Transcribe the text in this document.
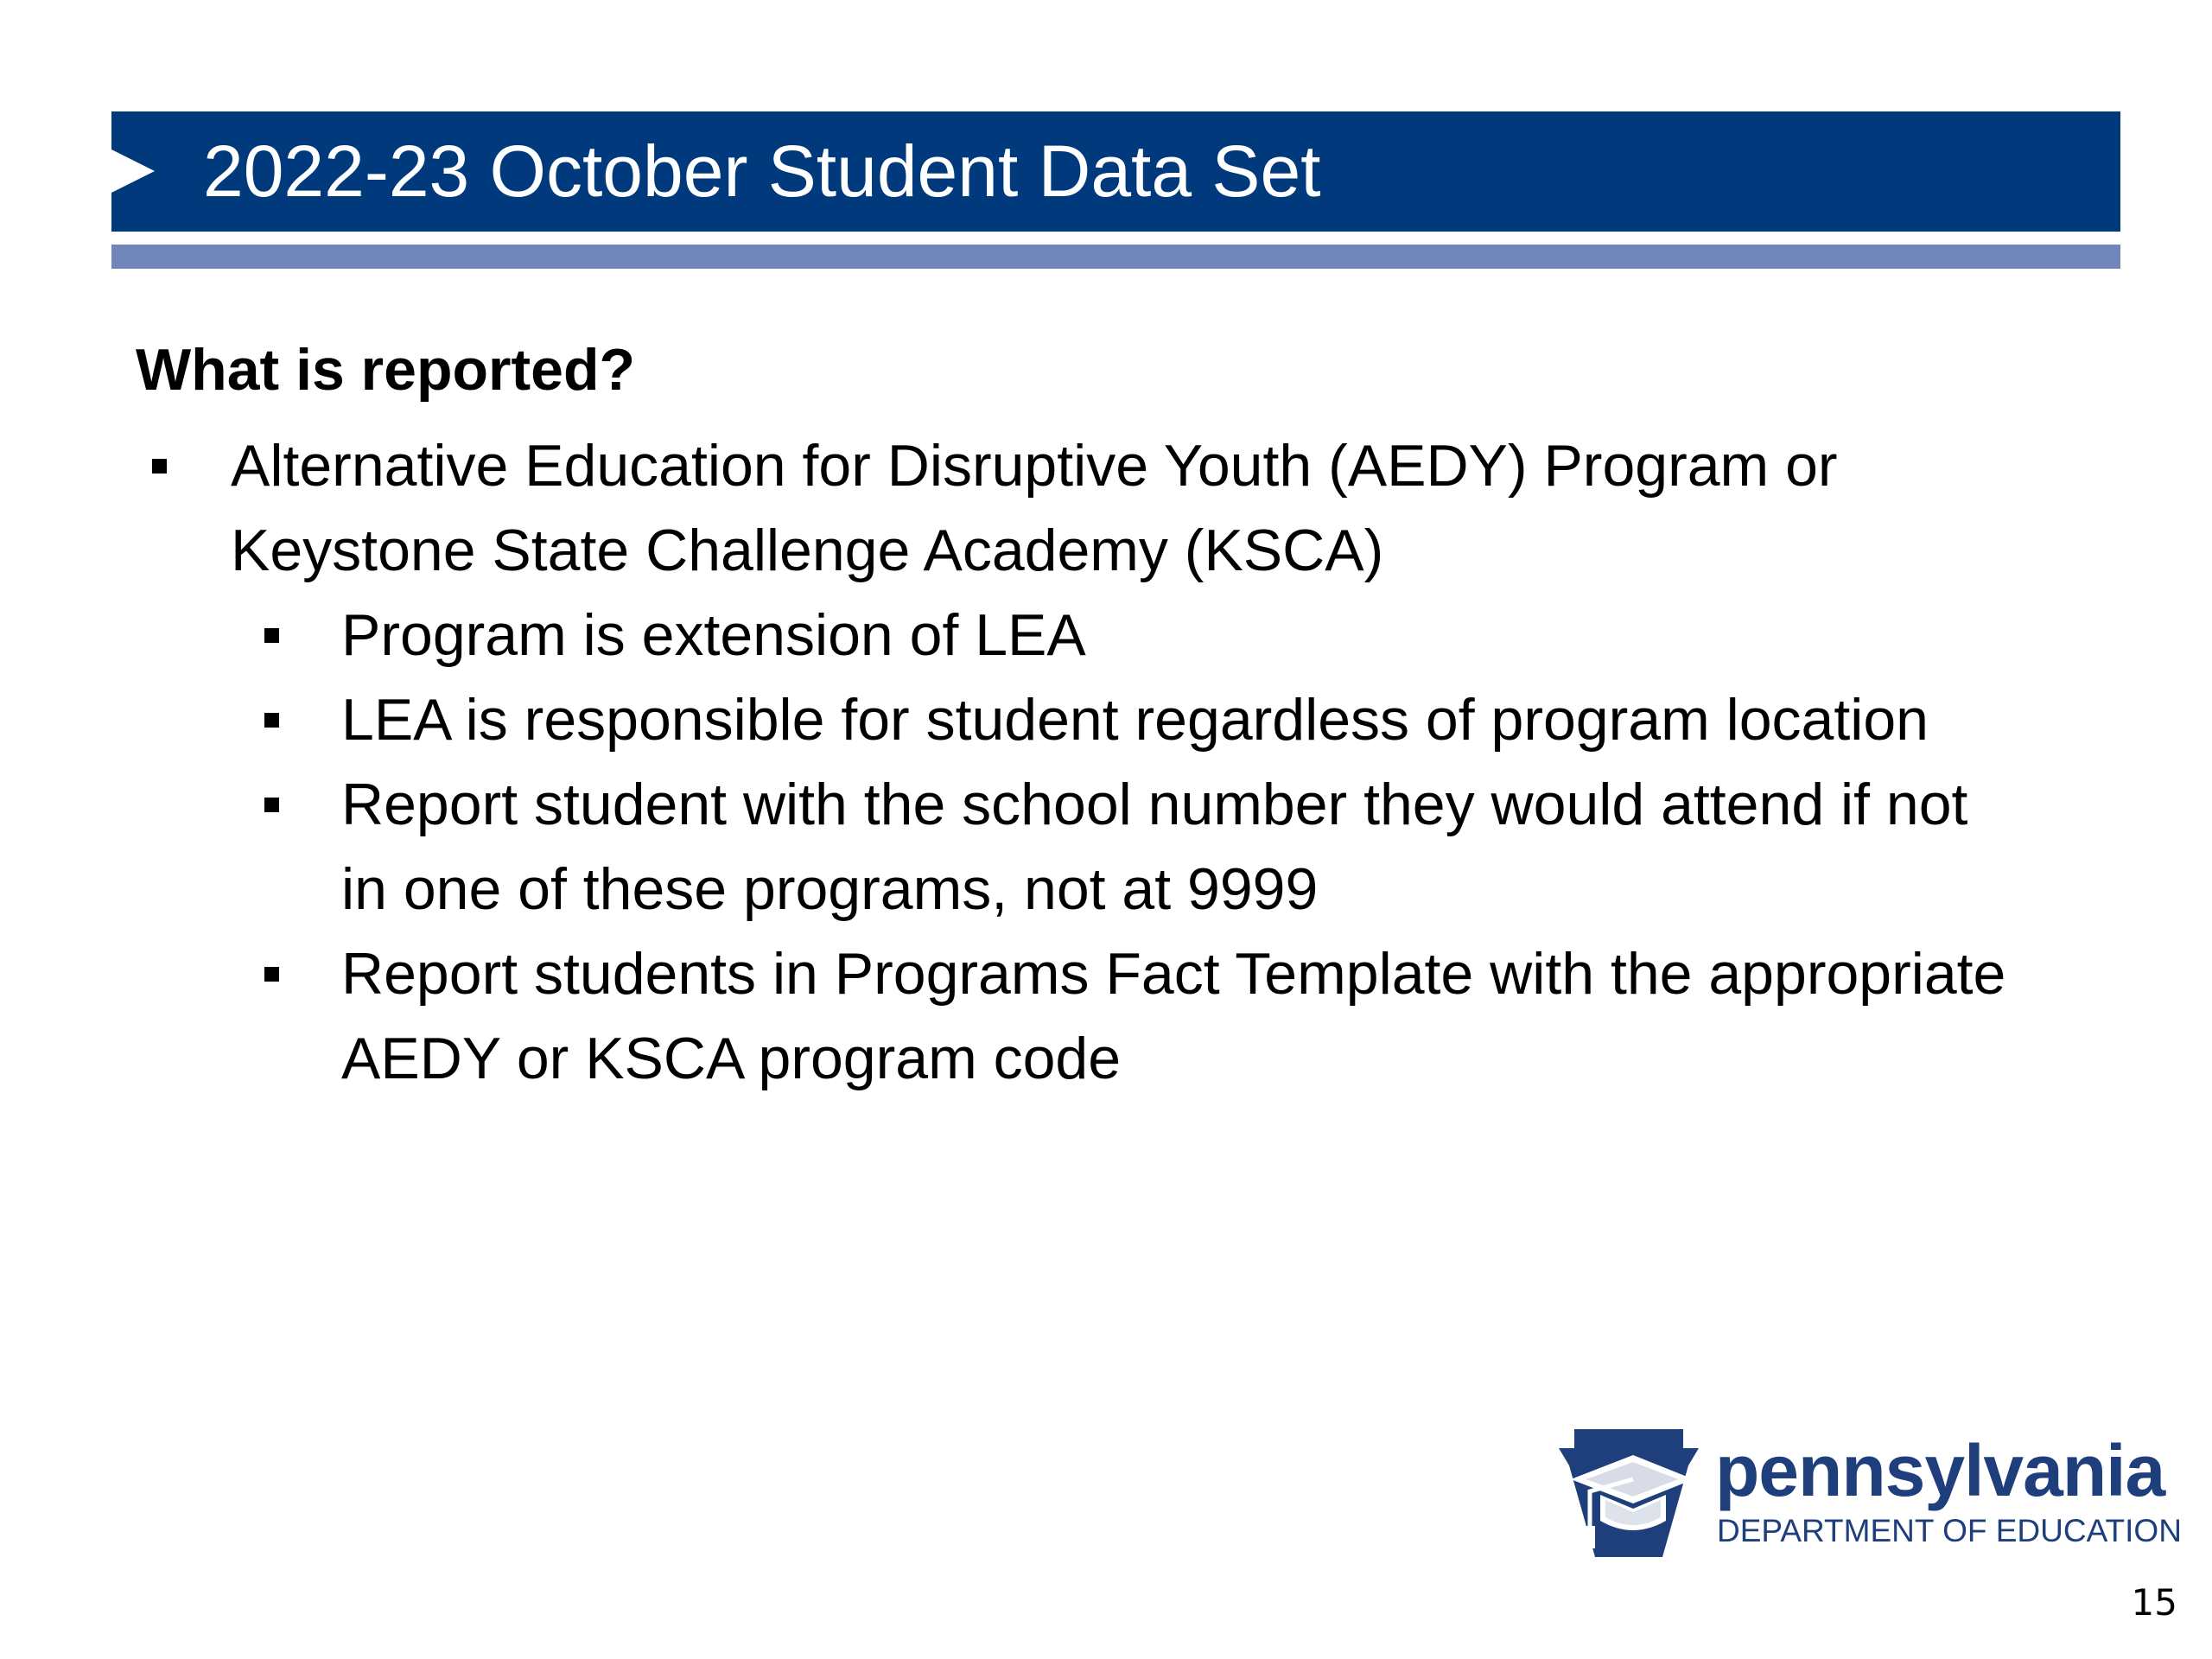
2022-23 October Student Data Set
What is reported?
Alternative Education for Disruptive Youth (AEDY) Program or
Keystone State Challenge Academy (KSCA)
Program is extension of LEA
LEA is responsible for student regardless of program location
Report student with the school number they would attend if not
in one of these programs, not at 9999
Report students in Programs Fact Template with the appropriate
AEDY or KSCA program code
pennsylvania
DEPARTMENT OF EDUCATION
15
